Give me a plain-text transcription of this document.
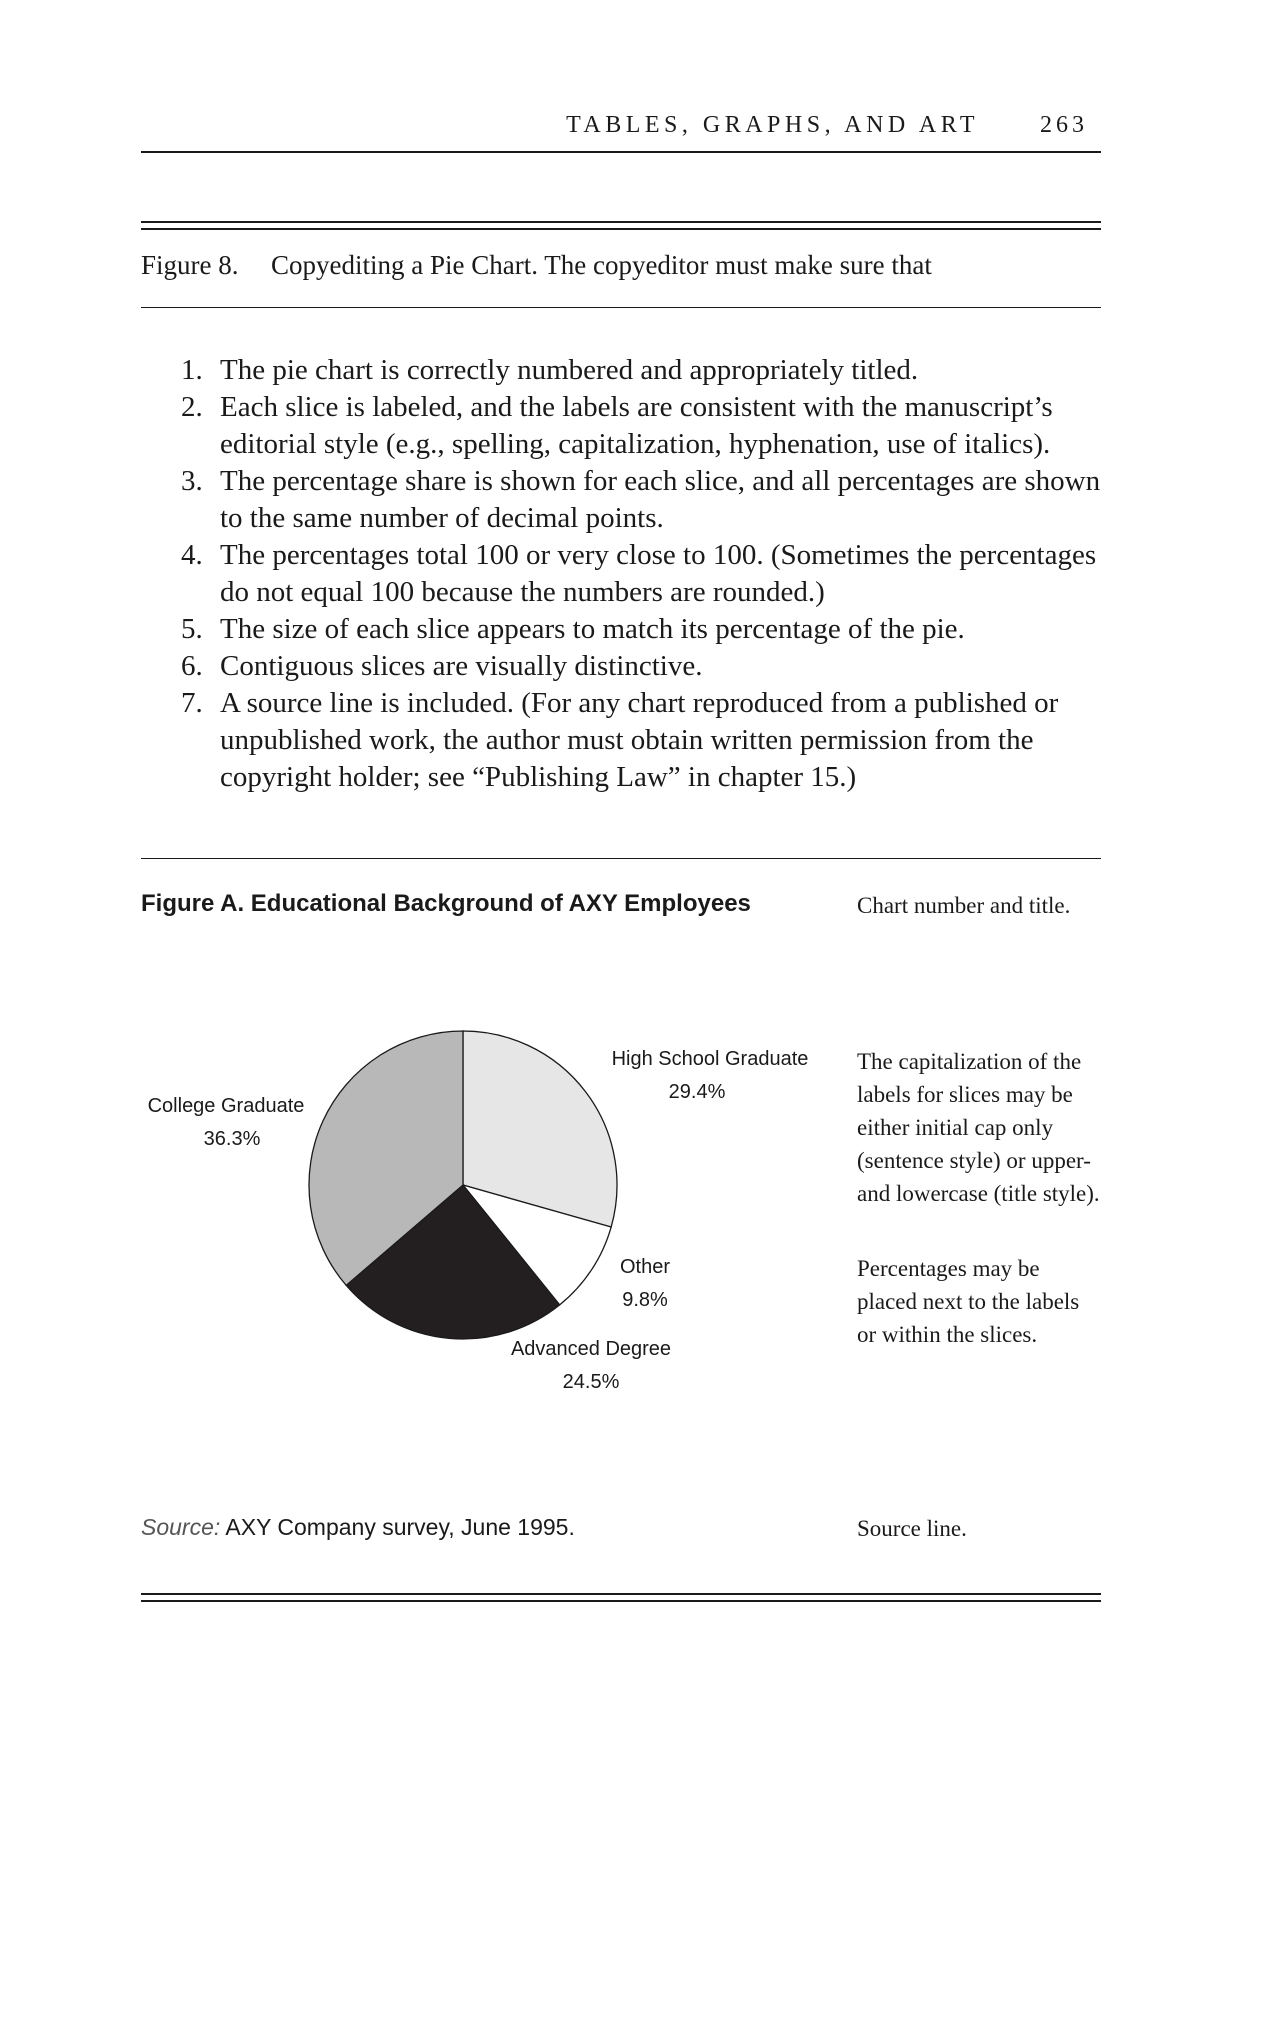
TABLES, GRAPHS, AND ART	263
Figure 8. Copyediting a Pie Chart. The copyeditor must make sure that
1. The pie chart is correctly numbered and appropriately titled.
2. Each slice is labeled, and the labels are consistent with the manuscript’s editorial style (e.g., spelling, capitalization, hyphenation, use of italics).
3. The percentage share is shown for each slice, and all percentages are shown to the same number of decimal points.
4. The percentages total 100 or very close to 100. (Sometimes the percentages do not equal 100 because the numbers are rounded.)
5. The size of each slice appears to match its percentage of the pie.
6. Contiguous slices are visually distinctive.
7. A source line is included. (For any chart reproduced from a published or unpublished work, the author must obtain written permission from the copyright holder; see “Publishing Law” in chapter 15.)
Figure A. Educational Background of AXY Employees	Chart number and title.
High School Graduate
29.4%
Other
9.8%
Advanced Degree
24.5%
College Graduate
36.3%
The capitalization of the
labels for slices may be
either initial cap only
(sentence style) or upper-
and lowercase (title style).
Percentages may be
placed next to the labels
or within the slices.
Source: AXY Company survey, June 1995.	Source line.
